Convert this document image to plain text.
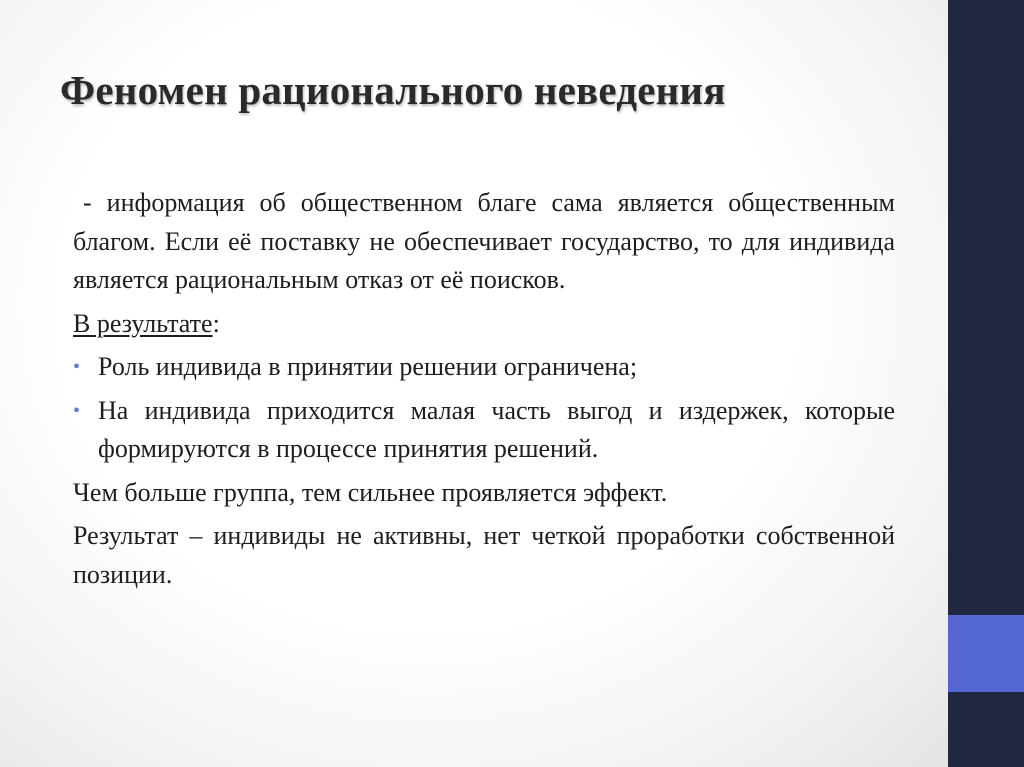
Феномен рационального неведения

- информация об общественном благе сама является общественным благом. Если её поставку не обеспечивает государство, то для индивида является рациональным отказ от её поисков.

В результате:

• Роль индивида в принятии решении ограничена;
• На индивида приходится малая часть выгод и издержек, которые формируются в процессе принятия решений.

Чем больше группа, тем сильнее проявляется эффект.

Результат – индивиды не активны, нет четкой проработки собственной позиции.
